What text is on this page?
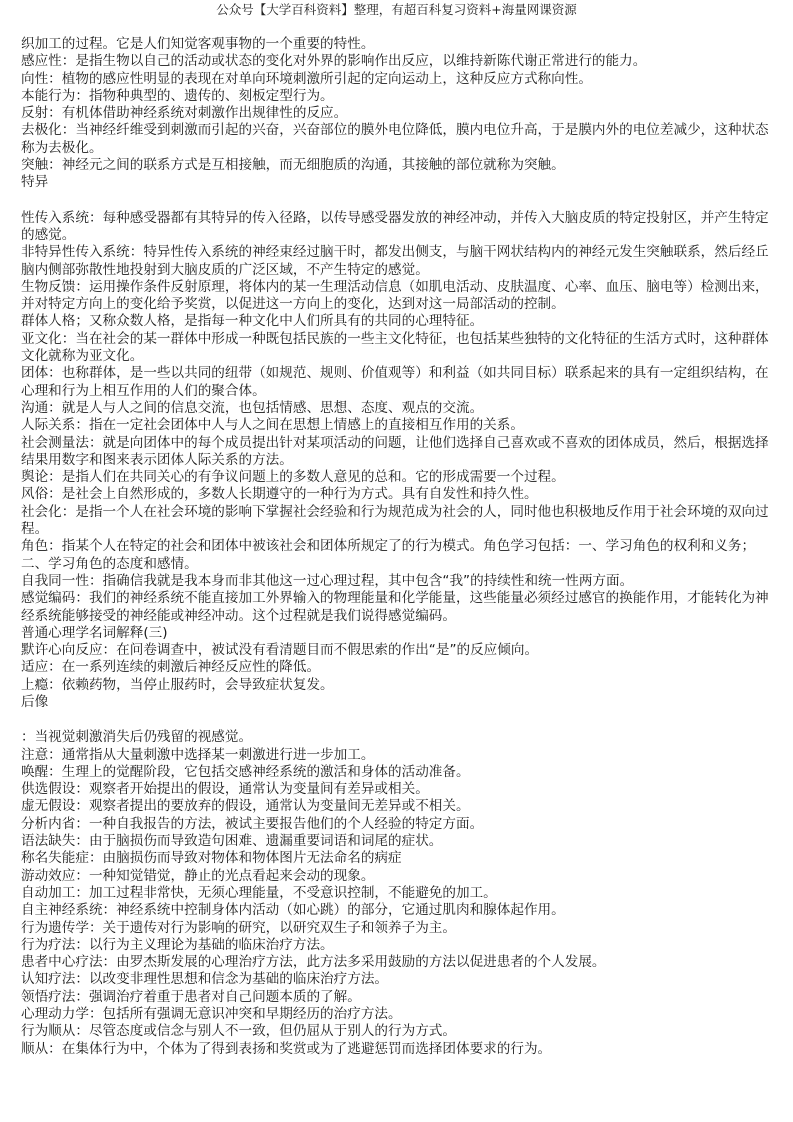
公众号【大学百科资料】整理，有超百科复习资料+海量网课资源

织加工的过程。它是人们知觉客观事物的一个重要的特性。

感应性：是指生物以自己的活动或状态的变化对外界的影响作出反应，以维持新陈代谢正常进行的能力。

向性：植物的感应性明显的表现在对单向环境刺激所引起的定向运动上，这种反应方式称向性。

本能行为：指物种典型的、遗传的、刻板定型行为。

反射：有机体借助神经系统对刺激作出规律性的反应。

去极化：当神经纤维受到刺激而引起的兴奋，兴奋部位的膜外电位降低，膜内电位升高，于是膜内外的电位差减少，这种状态称为去极化。

突触：神经元之间的联系方式是互相接触，而无细胞质的沟通，其接触的部位就称为突触。

特异

性传入系统：每种感受器都有其特异的传入径路，以传导感受器发放的神经冲动，并传入大脑皮质的特定投射区，并产生特定的感觉。

非特异性传入系统：特异性传入系统的神经束经过脑干时，都发出侧支，与脑干网状结构内的神经元发生突触联系，然后经丘脑内侧部弥散性地投射到大脑皮质的广泛区域，不产生特定的感觉。

生物反馈：运用操作条件反射原理，将体内的某一生理活动信息（如肌电活动、皮肤温度、心率、血压、脑电等）检测出来，并对特定方向上的变化给予奖赏，以促进这一方向上的变化，达到对这一局部活动的控制。

群体人格；又称众数人格，是指每一种文化中人们所具有的共同的心理特征。

亚文化：当在社会的某一群体中形成一种既包括民族的一些主文化特征，也包括某些独特的文化特征的生活方式时，这种群体文化就称为亚文化。

团体：也称群体，是一些以共同的纽带（如规范、规则、价值观等）和利益（如共同目标）联系起来的具有一定组织结构，在心理和行为上相互作用的人们的聚合体。

沟通：就是人与人之间的信息交流，也包括情感、思想、态度、观点的交流。

人际关系：指在一定社会团体中人与人之间在思想上情感上的直接相互作用的关系。

社会测量法：就是向团体中的每个成员提出针对某项活动的问题，让他们选择自己喜欢或不喜欢的团体成员，然后，根据选择结果用数字和图来表示团体人际关系的方法。

舆论：是指人们在共同关心的有争议问题上的多数人意见的总和。它的形成需要一个过程。

风俗：是社会上自然形成的，多数人长期遵守的一种行为方式。具有自发性和持久性。

社会化：是指一个人在社会环境的影响下掌握社会经验和行为规范成为社会的人，同时他也积极地反作用于社会环境的双向过程。

角色：指某个人在特定的社会和团体中被该社会和团体所规定了的行为模式。角色学习包括：一、学习角色的权利和义务；二、学习角色的态度和感情。

自我同一性：指确信我就是我本身而非其他这一过心理过程，其中包含“我”的持续性和统一性两方面。

感觉编码：我们的神经系统不能直接加工外界输入的物理能量和化学能量，这些能量必须经过感官的换能作用，才能转化为神经系统能够接受的神经能或神经冲动。这个过程就是我们说得感觉编码。

普通心理学名词解释(三)

默许心向反应：在问卷调查中，被试没有看清题目而不假思索的作出“是”的反应倾向。

适应：在一系列连续的刺激后神经反应性的降低。

上瘾：依赖药物，当停止服药时，会导致症状复发。

后像

：当视觉刺激消失后仍残留的视感觉。

注意：通常指从大量刺激中选择某一刺激进行进一步加工。

唤醒：生理上的觉醒阶段，它包括交感神经系统的激活和身体的活动准备。

供选假设：观察者开始提出的假设，通常认为变量间有差异或相关。

虚无假设：观察者提出的要放弃的假设，通常认为变量间无差异或不相关。

分析内省：一种自我报告的方法，被试主要报告他们的个人经验的特定方面。

语法缺失：由于脑损伤而导致造句困难、遗漏重要词语和词尾的症状。

称名失能症：由脑损伤而导致对物体和物体图片无法命名的病症

游动效应：一种知觉错觉，静止的光点看起来会动的现象。

自动加工：加工过程非常快，无须心理能量，不受意识控制，不能避免的加工。

自主神经系统：神经系统中控制身体内活动（如心跳）的部分，它通过肌肉和腺体起作用。

行为遗传学：关于遗传对行为影响的研究，以研究双生子和领养子为主。

行为疗法：以行为主义理论为基础的临床治疗方法。

患者中心疗法：由罗杰斯发展的心理治疗方法，此方法多采用鼓励的方法以促进患者的个人发展。

认知疗法：以改变非理性思想和信念为基础的临床治疗方法。

领悟疗法：强调治疗着重于患者对自己问题本质的了解。

心理动力学：包括所有强调无意识冲突和早期经历的治疗方法。

行为顺从：尽管态度或信念与别人不一致，但仍屈从于别人的行为方式。

顺从：在集体行为中，个体为了得到表扬和奖赏或为了逃避惩罚而选择团体要求的行为。
